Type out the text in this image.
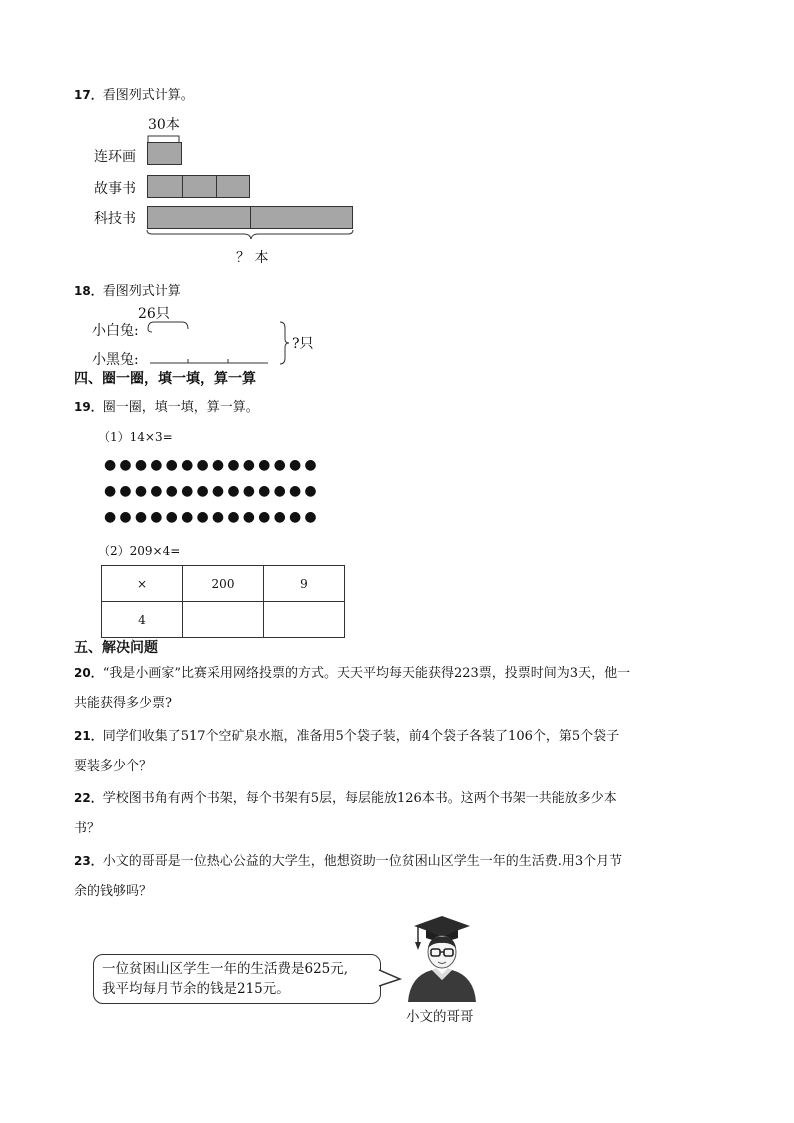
17．看图列式计算。
30本
连环画
故事书
科技书
？ 本
18．看图列式计算
26只
小白兔:
小黑兔:
?只
四、圈一圈，填一填，算一算
19．圈一圈，填一填，算一算。
（1）14×3=
●●●●●●●●●●●●●●
●●●●●●●●●●●●●●
●●●●●●●●●●●●●●
（2）209×4=
×	200	9
4		
五、解决问题
20．“我是小画家”比赛采用网络投票的方式。天天平均每天能获得223票，投票时间为3天，他一
共能获得多少票?
21．同学们收集了517个空矿泉水瓶，准备用5个袋子装，前4个袋子各装了106个，第5个袋子
要装多少个？
22．学校图书角有两个书架，每个书架有5层，每层能放126本书。这两个书架一共能放多少本
书？
23．小文的哥哥是一位热心公益的大学生，他想资助一位贫困山区学生一年的生活费.用3个月节
余的钱够吗？
一位贫困山区学生一年的生活费是625元,
我平均每月节余的钱是215元。
小文的哥哥
